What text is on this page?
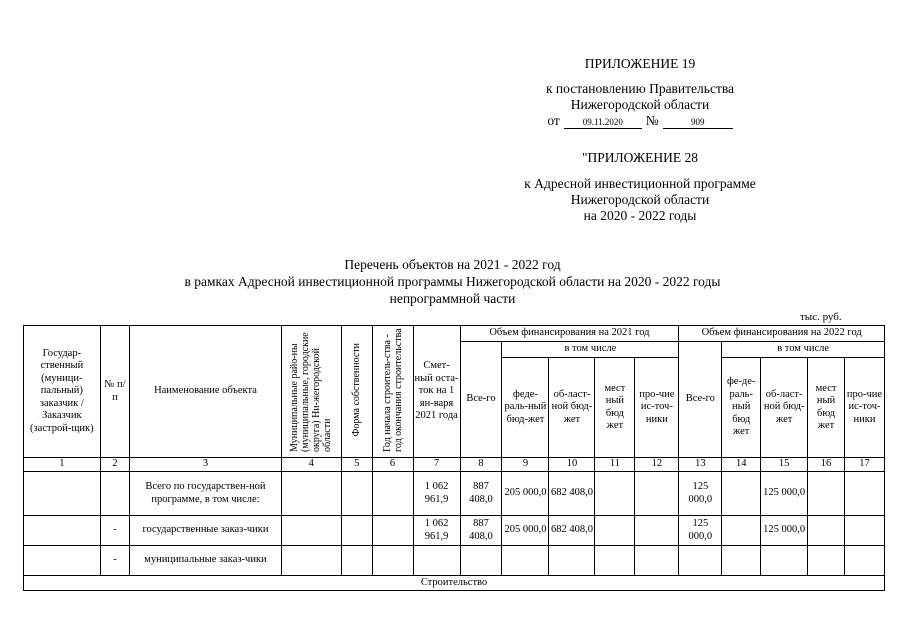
ПРИЛОЖЕНИЕ 19
к постановлению Правительства
Нижегородской области
от	09.11.2020	№	909
"ПРИЛОЖЕНИЕ 28
к Адресной инвестиционной программе
Нижегородской области
на 2020 - 2022 годы
Перечень объектов на 2021 - 2022 год
в рамках Адресной инвестиционной программы Нижегородской области на 2020 - 2022 годы
непрограммной части
тыс. руб.
Государ-ственный (муници-пальный) заказчик / Заказчик (застрой-щик)	№ п/п	Наименование объекта	Муниципальные райо-ны (муниципальные, городские округа) Ни-жегородской области	Форма собственности	Год начала строитель-ства - год окончания строительства	Смет-ный оста-ток на 1 ян-варя 2021 года	Объем финансирования на 2021 год					Объем финансирования на 2022 год				
							Все-го	в том числе				Все-го	в том числе			
								феде-раль-ный бюд-жет	об-ласт-ной бюд-жет	мест ный бюд жет	про-чие ис-точ-ники		фе-де-раль-ный бюд жет	об-ласт-ной бюд-жет	мест ный бюд жет	про-чие ис-точ-ники
1	2	3	4	5	6	7	8	9	10	11	12	13	14	15	16	17
		Всего по государствен-ной программе, в том числе:				1 062 961,9	887 408,0	205 000,0	682 408,0			125 000,0		125 000,0		
	-	государственные заказ-чики				1 062 961,9	887 408,0	205 000,0	682 408,0			125 000,0		125 000,0		
	-	муниципальные заказ-чики														
Строительство																
